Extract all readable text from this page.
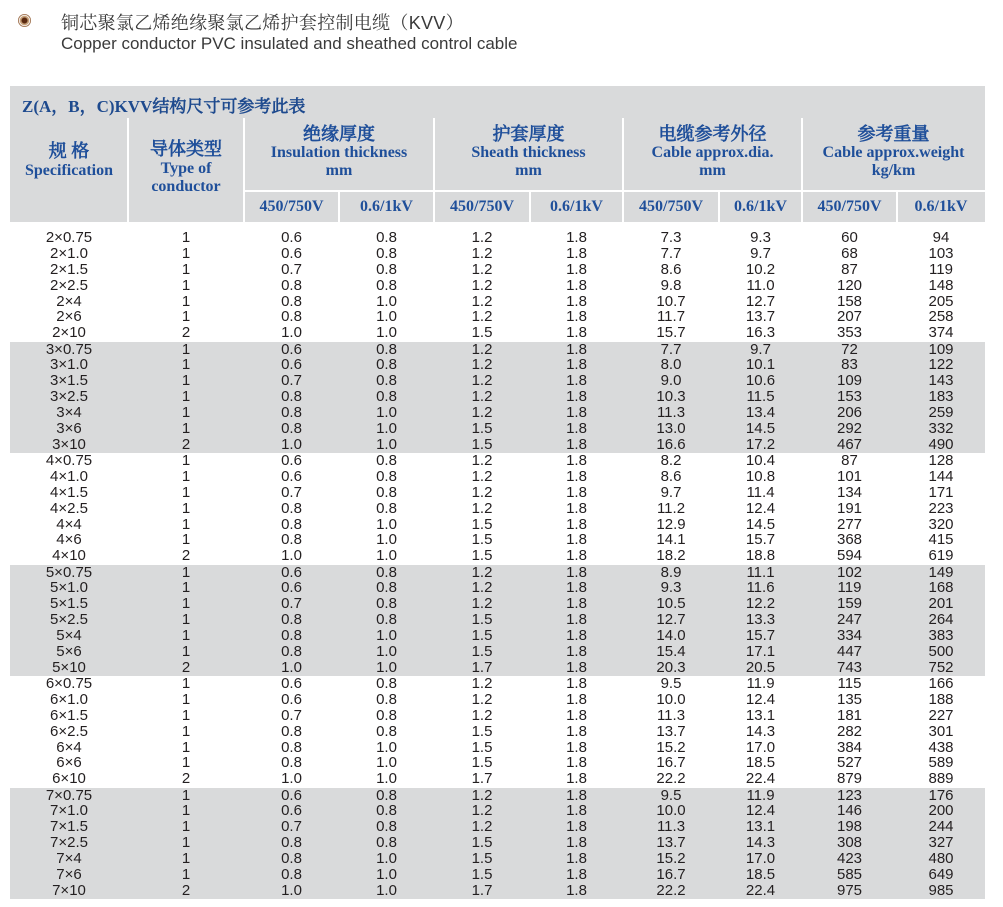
铜芯聚氯乙烯绝缘聚氯乙烯护套控制电缆（KVV）
Copper conductor PVC insulated and sheathed control cable
Z(A，B，C)KVV结构尺寸可参考此表
规 格
Specification
导体类型
Type of
conductor
绝缘厚度
Insulation thickness
mm
护套厚度
Sheath thickness
mm
电缆参考外径
Cable approx.dia.
mm
参考重量
Cable approx.weight
kg/km
450/750V	0.6/1kV	450/750V	0.6/1kV	450/750V	0.6/1kV	450/750V	0.6/1kV
2×0.75	1	0.6	0.8	1.2	1.8	7.3	9.3	60	94
2×1.0	1	0.6	0.8	1.2	1.8	7.7	9.7	68	103
2×1.5	1	0.7	0.8	1.2	1.8	8.6	10.2	87	119
2×2.5	1	0.8	0.8	1.2	1.8	9.8	11.0	120	148
2×4	1	0.8	1.0	1.2	1.8	10.7	12.7	158	205
2×6	1	0.8	1.0	1.2	1.8	11.7	13.7	207	258
2×10	2	1.0	1.0	1.5	1.8	15.7	16.3	353	374
3×0.75	1	0.6	0.8	1.2	1.8	7.7	9.7	72	109
3×1.0	1	0.6	0.8	1.2	1.8	8.0	10.1	83	122
3×1.5	1	0.7	0.8	1.2	1.8	9.0	10.6	109	143
3×2.5	1	0.8	0.8	1.2	1.8	10.3	11.5	153	183
3×4	1	0.8	1.0	1.2	1.8	11.3	13.4	206	259
3×6	1	0.8	1.0	1.5	1.8	13.0	14.5	292	332
3×10	2	1.0	1.0	1.5	1.8	16.6	17.2	467	490
4×0.75	1	0.6	0.8	1.2	1.8	8.2	10.4	87	128
4×1.0	1	0.6	0.8	1.2	1.8	8.6	10.8	101	144
4×1.5	1	0.7	0.8	1.2	1.8	9.7	11.4	134	171
4×2.5	1	0.8	0.8	1.2	1.8	11.2	12.4	191	223
4×4	1	0.8	1.0	1.5	1.8	12.9	14.5	277	320
4×6	1	0.8	1.0	1.5	1.8	14.1	15.7	368	415
4×10	2	1.0	1.0	1.5	1.8	18.2	18.8	594	619
5×0.75	1	0.6	0.8	1.2	1.8	8.9	11.1	102	149
5×1.0	1	0.6	0.8	1.2	1.8	9.3	11.6	119	168
5×1.5	1	0.7	0.8	1.2	1.8	10.5	12.2	159	201
5×2.5	1	0.8	0.8	1.5	1.8	12.7	13.3	247	264
5×4	1	0.8	1.0	1.5	1.8	14.0	15.7	334	383
5×6	1	0.8	1.0	1.5	1.8	15.4	17.1	447	500
5×10	2	1.0	1.0	1.7	1.8	20.3	20.5	743	752
6×0.75	1	0.6	0.8	1.2	1.8	9.5	11.9	115	166
6×1.0	1	0.6	0.8	1.2	1.8	10.0	12.4	135	188
6×1.5	1	0.7	0.8	1.2	1.8	11.3	13.1	181	227
6×2.5	1	0.8	0.8	1.5	1.8	13.7	14.3	282	301
6×4	1	0.8	1.0	1.5	1.8	15.2	17.0	384	438
6×6	1	0.8	1.0	1.5	1.8	16.7	18.5	527	589
6×10	2	1.0	1.0	1.7	1.8	22.2	22.4	879	889
7×0.75	1	0.6	0.8	1.2	1.8	9.5	11.9	123	176
7×1.0	1	0.6	0.8	1.2	1.8	10.0	12.4	146	200
7×1.5	1	0.7	0.8	1.2	1.8	11.3	13.1	198	244
7×2.5	1	0.8	0.8	1.5	1.8	13.7	14.3	308	327
7×4	1	0.8	1.0	1.5	1.8	15.2	17.0	423	480
7×6	1	0.8	1.0	1.5	1.8	16.7	18.5	585	649
7×10	2	1.0	1.0	1.7	1.8	22.2	22.4	975	985
